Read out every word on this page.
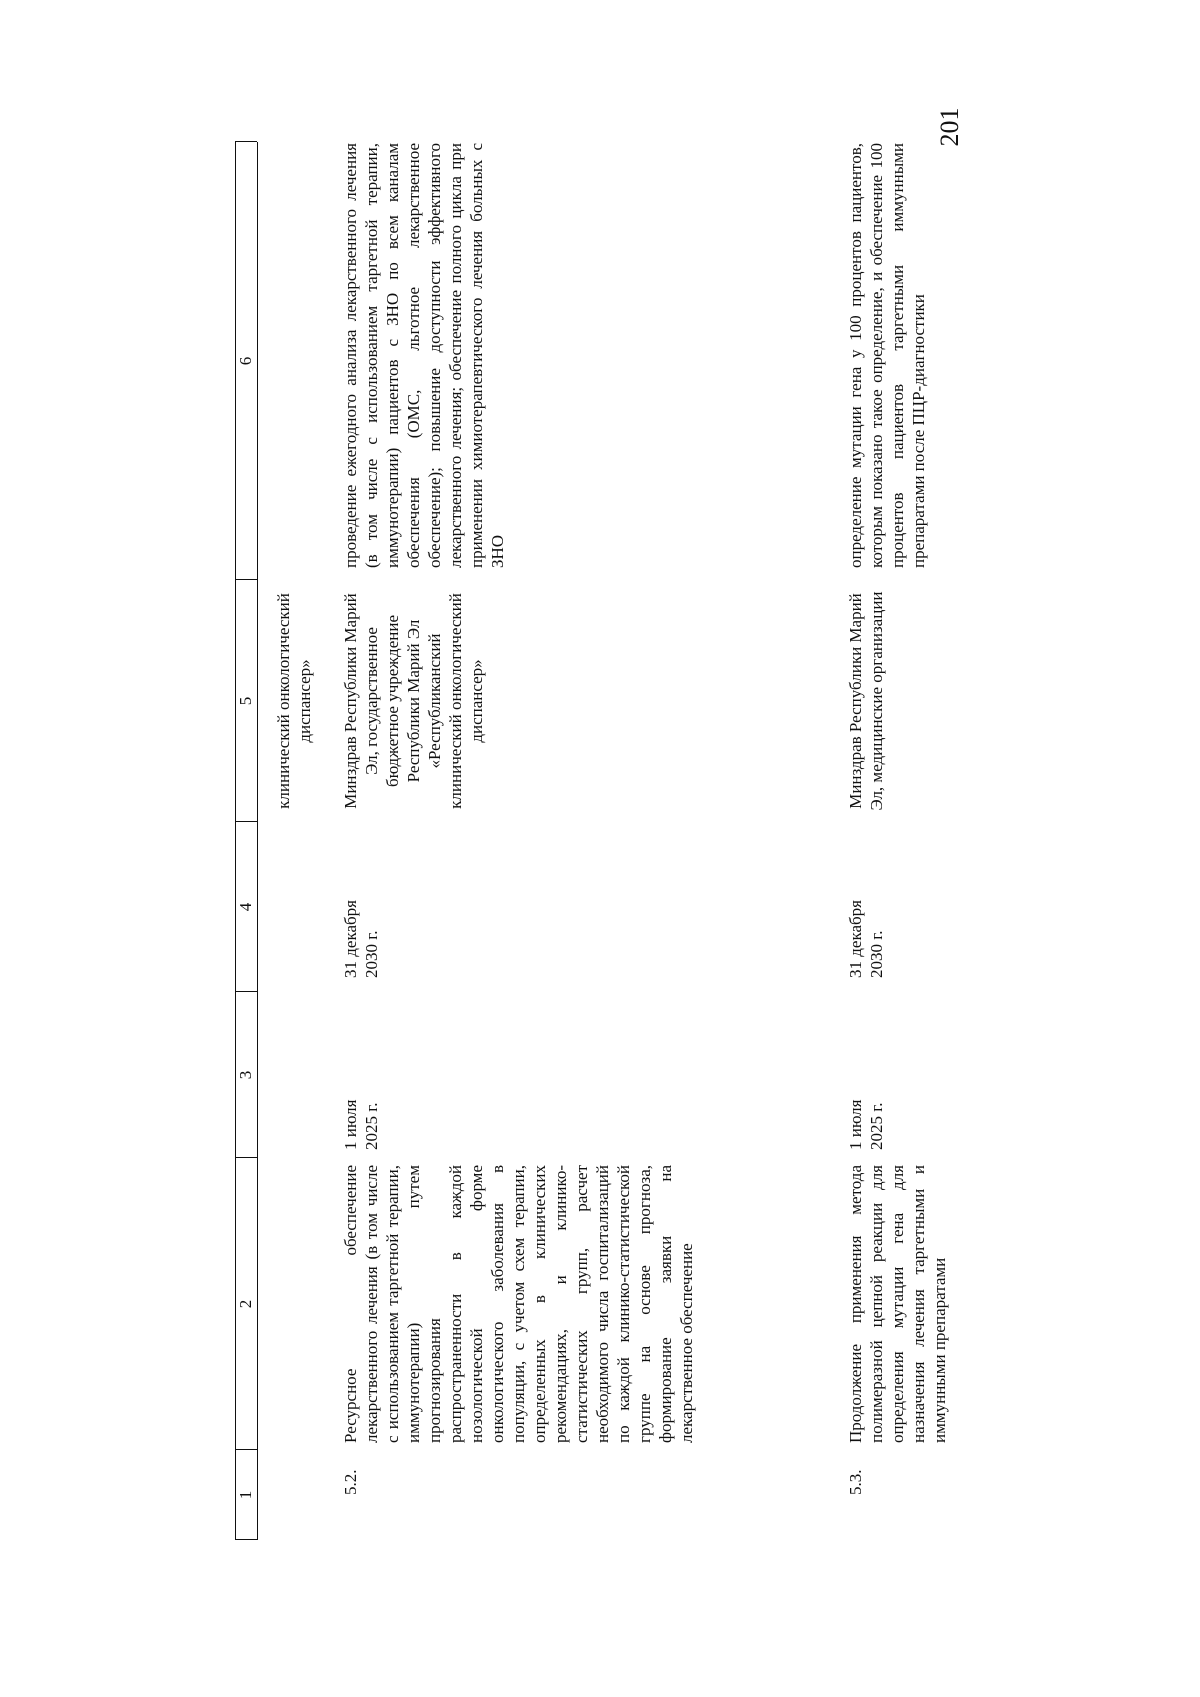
201
1
2
3
4
5
6
клинический онкологический диспансер»
5.2.
Ресурсное обеспечение лекарственного лечения (в том числе с использованием таргетной терапии, иммунотерапии) путем прогнозирования распространенности в каждой нозологической форме онкологического заболевания в популяции, с учетом схем терапии, определенных в клинических рекомендациях, и клинико-статистических групп, расчет необходимого числа госпитализаций по каждой клинико-статистической группе на основе прогноза, формирование заявки на лекарственное обеспечение
1 июля 2025 г.
31 декабря 2030 г.
Минздрав Республики Марий Эл, государственное бюджетное учреждение Республики Марий Эл «Республиканский клинический онкологический диспансер»
проведение ежегодного анализа лекарственного лечения (в том числе с использованием таргетной терапии, иммунотерапии) пациентов с ЗНО по всем каналам обеспечения (ОМС, льготное лекарственное обеспечение); повышение доступности эффективного лекарственного лечения; обеспечение полного цикла при применении химиотерапевтического лечения больных с ЗНО
5.3.
Продолжение применения метода полимеразной цепной реакции для определения мутации гена для назначения лечения таргетными и иммунными препаратами
1 июля 2025 г.
31 декабря 2030 г.
Минздрав Республики Марий Эл, медицинские организации
определение мутации гена у 100 процентов пациентов, которым показано такое определение, и обеспечение 100 процентов пациентов таргетными иммунными препаратами после ПЦР-диагностики
